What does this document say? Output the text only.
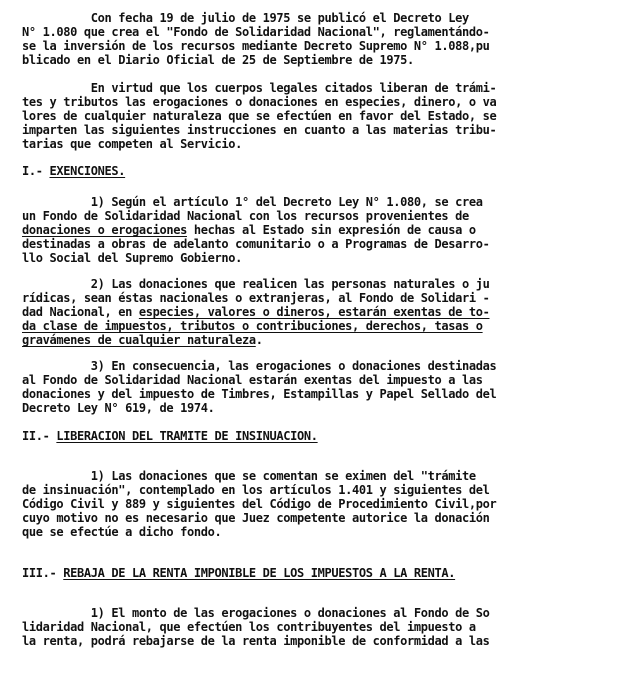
Con fecha 19 de julio de 1975 se publicó el Decreto Ley
N° 1.080 que crea el "Fondo de Solidaridad Nacional", reglamentándo-
se la inversión de los recursos mediante Decreto Supremo N° 1.088,pu
blicado en el Diario Oficial de 25 de Septiembre de 1975.
En virtud que los cuerpos legales citados liberan de trámi-
tes y tributos las erogaciones o donaciones en especies, dinero, o va
lores de cualquier naturaleza que se efectúen en favor del Estado, se
imparten las siguientes instrucciones en cuanto a las materias tribu-
tarias que competen al Servicio.
I.- EXENCIONES.
1) Según el artículo 1° del Decreto Ley N° 1.080, se crea
un Fondo de Solidaridad Nacional con los recursos provenientes de
donaciones o erogaciones hechas al Estado sin expresión de causa o
destinadas a obras de adelanto comunitario o a Programas de Desarro-
llo Social del Supremo Gobierno.
2) Las donaciones que realicen las personas naturales o ju
rídicas, sean éstas nacionales o extranjeras, al Fondo de Solidari -
dad Nacional, en especies, valores o dineros, estarán exentas de to-
da clase de impuestos, tributos o contribuciones, derechos, tasas o
gravámenes de cualquier naturaleza.
3) En consecuencia, las erogaciones o donaciones destinadas
al Fondo de Solidaridad Nacional estarán exentas del impuesto a las
donaciones y del impuesto de Timbres, Estampillas y Papel Sellado del
Decreto Ley N° 619, de 1974.
II.- LIBERACION DEL TRAMITE DE INSINUACION.
1) Las donaciones que se comentan se eximen del "trámite
de insinuación", contemplado en los artículos 1.401 y siguientes del
Código Civil y 889 y siguientes del Código de Procedimiento Civil,por
cuyo motivo no es necesario que Juez competente autorice la donación
que se efectúe a dicho fondo.
III.- REBAJA DE LA RENTA IMPONIBLE DE LOS IMPUESTOS A LA RENTA.
1) El monto de las erogaciones o donaciones al Fondo de So
lidaridad Nacional, que efectúen los contribuyentes del impuesto a
la renta, podrá rebajarse de la renta imponible de conformidad a las
